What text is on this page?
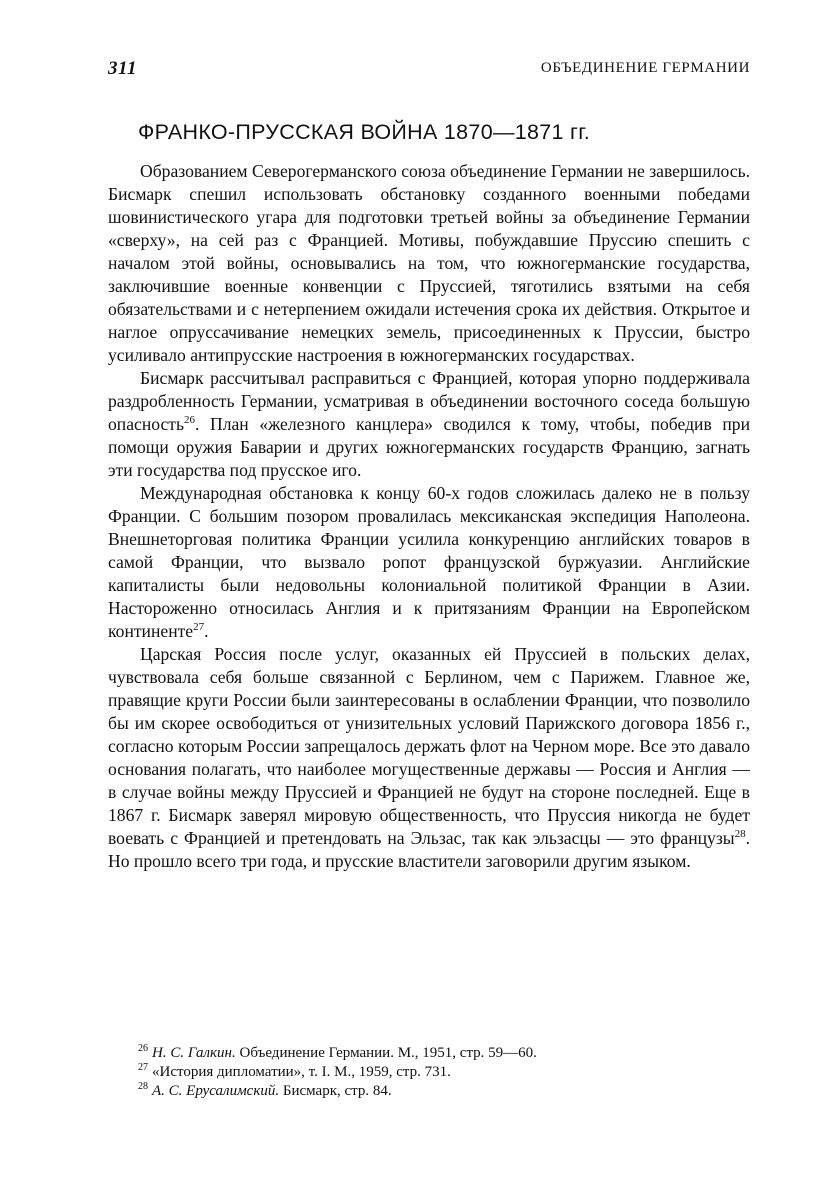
311	ОБЪЕДИНЕНИЕ ГЕРМАНИИ
ФРАНКО-ПРУССКАЯ ВОЙНА 1870—1871 гг.

Образованием Северогерманского союза объединение Германии не завершилось. Бисмарк спешил использовать обстановку созданного военными победами шовинистического угара для подготовки третьей войны за объединение Германии «сверху», на сей раз с Францией. Мотивы, побуждавшие Пруссию спешить с началом этой войны, основывались на том, что южногерманские государства, заключившие военные конвенции с Пруссией, тяготились взятыми на себя обязательствами и с нетерпением ожидали истечения срока их действия. Открытое и наглое опруссачивание немецких земель, присоединенных к Пруссии, быстро усиливало антипрусские настроения в южногерманских государствах.

Бисмарк рассчитывал расправиться с Францией, которая упорно поддерживала раздробленность Германии, усматривая в объединении восточного соседа большую опасность$^{26}$. План «железного канцлера» сводился к тому, чтобы, победив при помощи оружия Баварии и других южногерманских государств Францию, загнать эти государства под прусское иго.

Международная обстановка к концу 60-х годов сложилась далеко не в пользу Франции. С большим позором провалилась мексиканская экспедиция Наполеона. Внешнеторговая политика Франции усилила конкуренцию английских товаров в самой Франции, что вызвало ропот французской буржуазии. Английские капиталисты были недовольны колониальной политикой Франции в Азии. Настороженно относилась Англия и к притязаниям Франции на Европейском континенте$^{27}$.

Царская Россия после услуг, оказанных ей Пруссией в польских делах, чувствовала себя больше связанной с Берлином, чем с Парижем. Главное же, правящие круги России были заинтересованы в ослаблении Франции, что позволило бы им скорее освободиться от унизительных условий Парижского договора 1856 г., согласно которым России запрещалось держать флот на Черном море. Все это давало основания полагать, что наиболее могущественные державы — Россия и Англия — в случае войны между Пруссией и Францией не будут на стороне последней. Еще в 1867 г. Бисмарк заверял мировую общественность, что Пруссия никогда не будет воевать с Францией и претендовать на Эльзас, так как эльзасцы — это французы$^{28}$. Но прошло всего три года, и прусские властители заговорили другим языком.

$^{26}$ Н. С. Галкин. Объединение Германии. М., 1951, стр. 59—60.

$^{27}$ «История дипломатии», т. I. М., 1959, стр. 731.

$^{28}$ А. С. Ерусалимский. Бисмарк, стр. 84.
